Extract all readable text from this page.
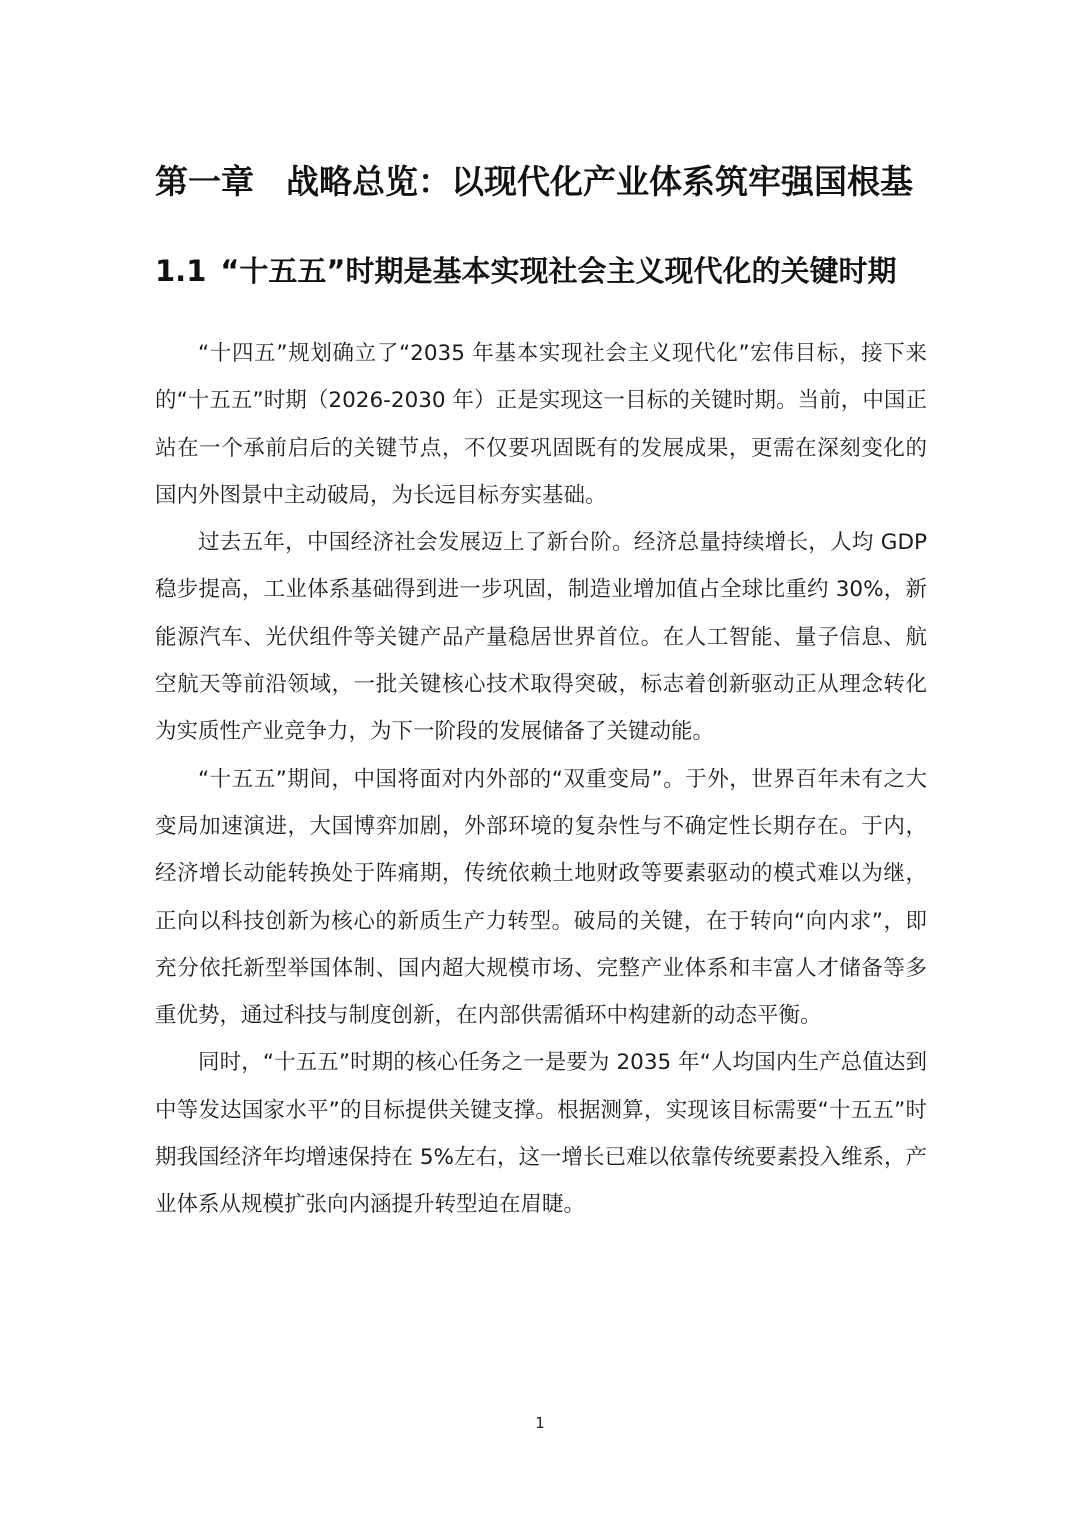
第一章 战略总览：以现代化产业体系筑牢强国根基
1.1 “十五五”时期是基本实现社会主义现代化的关键时期

“十四五”规划确立了“2035 年基本实现社会主义现代化”宏伟目标，接下来的“十五五”时期（2026-2030 年）正是实现这一目标的关键时期。当前，中国正站在一个承前启后的关键节点，不仅要巩固既有的发展成果，更需在深刻变化的国内外图景中主动破局，为长远目标夯实基础。

过去五年，中国经济社会发展迈上了新台阶。经济总量持续增长，人均 GDP 稳步提高，工业体系基础得到进一步巩固，制造业增加值占全球比重约 30%，新能源汽车、光伏组件等关键产品产量稳居世界首位。在人工智能、量子信息、航空航天等前沿领域，一批关键核心技术取得突破，标志着创新驱动正从理念转化为实质性产业竞争力，为下一阶段的发展储备了关键动能。

“十五五”期间，中国将面对内外部的“双重变局”。于外，世界百年未有之大变局加速演进，大国博弈加剧，外部环境的复杂性与不确定性长期存在。于内，经济增长动能转换处于阵痛期，传统依赖土地财政等要素驱动的模式难以为继，正向以科技创新为核心的新质生产力转型。破局的关键，在于转向“向内求”，即充分依托新型举国体制、国内超大规模市场、完整产业体系和丰富人才储备等多重优势，通过科技与制度创新，在内部供需循环中构建新的动态平衡。

同时，“十五五”时期的核心任务之一是要为 2035 年“人均国内生产总值达到中等发达国家水平”的目标提供关键支撑。根据测算，实现该目标需要“十五五”时期我国经济年均增速保持在 5%左右，这一增长已难以依靠传统要素投入维系，产业体系从规模扩张向内涵提升转型迫在眉睫。

1
